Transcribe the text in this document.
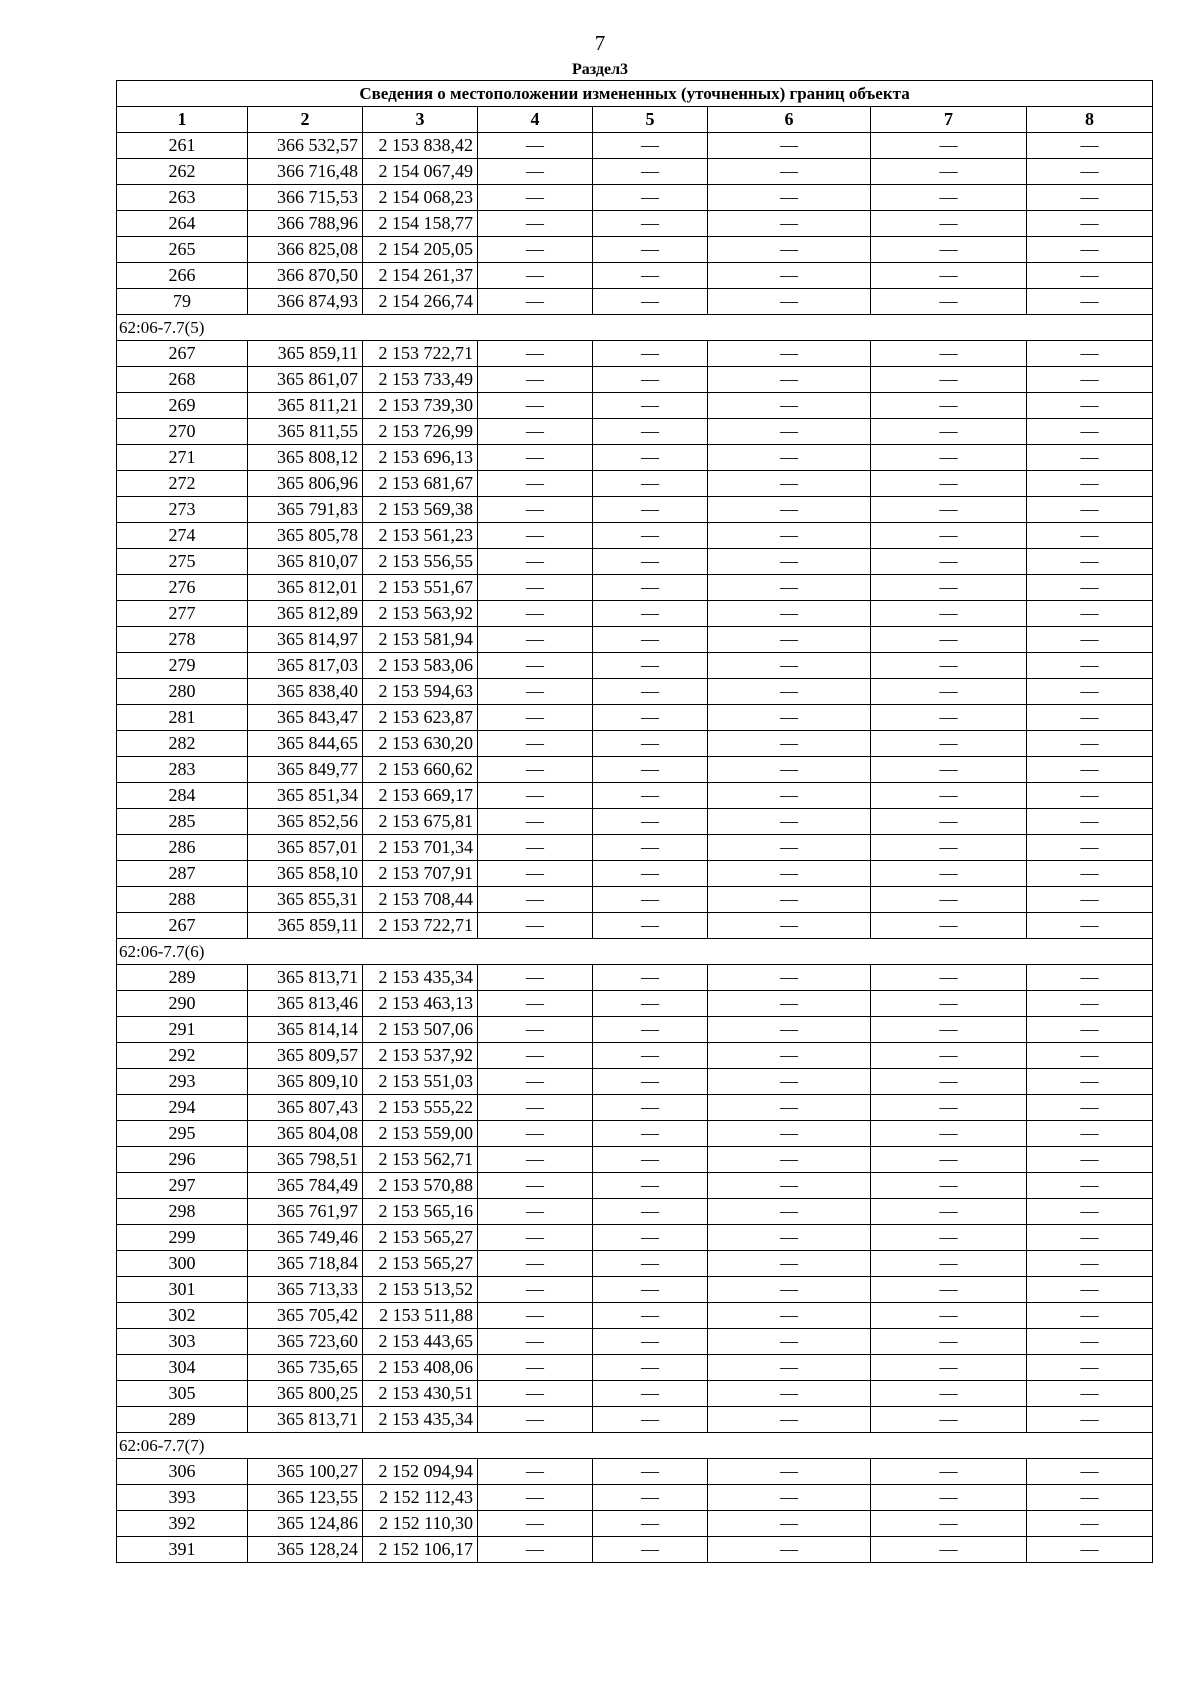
7
Раздел3
Сведения о местоположении измененных (уточненных) границ объекта							
1	2	3	4	5	6	7	8
261	366 532,57	2 153 838,42	—	—	—	—	—
262	366 716,48	2 154 067,49	—	—	—	—	—
263	366 715,53	2 154 068,23	—	—	—	—	—
264	366 788,96	2 154 158,77	—	—	—	—	—
265	366 825,08	2 154 205,05	—	—	—	—	—
266	366 870,50	2 154 261,37	—	—	—	—	—
79	366 874,93	2 154 266,74	—	—	—	—	—
62:06-7.7(5)							
267	365 859,11	2 153 722,71	—	—	—	—	—
268	365 861,07	2 153 733,49	—	—	—	—	—
269	365 811,21	2 153 739,30	—	—	—	—	—
270	365 811,55	2 153 726,99	—	—	—	—	—
271	365 808,12	2 153 696,13	—	—	—	—	—
272	365 806,96	2 153 681,67	—	—	—	—	—
273	365 791,83	2 153 569,38	—	—	—	—	—
274	365 805,78	2 153 561,23	—	—	—	—	—
275	365 810,07	2 153 556,55	—	—	—	—	—
276	365 812,01	2 153 551,67	—	—	—	—	—
277	365 812,89	2 153 563,92	—	—	—	—	—
278	365 814,97	2 153 581,94	—	—	—	—	—
279	365 817,03	2 153 583,06	—	—	—	—	—
280	365 838,40	2 153 594,63	—	—	—	—	—
281	365 843,47	2 153 623,87	—	—	—	—	—
282	365 844,65	2 153 630,20	—	—	—	—	—
283	365 849,77	2 153 660,62	—	—	—	—	—
284	365 851,34	2 153 669,17	—	—	—	—	—
285	365 852,56	2 153 675,81	—	—	—	—	—
286	365 857,01	2 153 701,34	—	—	—	—	—
287	365 858,10	2 153 707,91	—	—	—	—	—
288	365 855,31	2 153 708,44	—	—	—	—	—
267	365 859,11	2 153 722,71	—	—	—	—	—
62:06-7.7(6)							
289	365 813,71	2 153 435,34	—	—	—	—	—
290	365 813,46	2 153 463,13	—	—	—	—	—
291	365 814,14	2 153 507,06	—	—	—	—	—
292	365 809,57	2 153 537,92	—	—	—	—	—
293	365 809,10	2 153 551,03	—	—	—	—	—
294	365 807,43	2 153 555,22	—	—	—	—	—
295	365 804,08	2 153 559,00	—	—	—	—	—
296	365 798,51	2 153 562,71	—	—	—	—	—
297	365 784,49	2 153 570,88	—	—	—	—	—
298	365 761,97	2 153 565,16	—	—	—	—	—
299	365 749,46	2 153 565,27	—	—	—	—	—
300	365 718,84	2 153 565,27	—	—	—	—	—
301	365 713,33	2 153 513,52	—	—	—	—	—
302	365 705,42	2 153 511,88	—	—	—	—	—
303	365 723,60	2 153 443,65	—	—	—	—	—
304	365 735,65	2 153 408,06	—	—	—	—	—
305	365 800,25	2 153 430,51	—	—	—	—	—
289	365 813,71	2 153 435,34	—	—	—	—	—
62:06-7.7(7)							
306	365 100,27	2 152 094,94	—	—	—	—	—
393	365 123,55	2 152 112,43	—	—	—	—	—
392	365 124,86	2 152 110,30	—	—	—	—	—
391	365 128,24	2 152 106,17	—	—	—	—	—
